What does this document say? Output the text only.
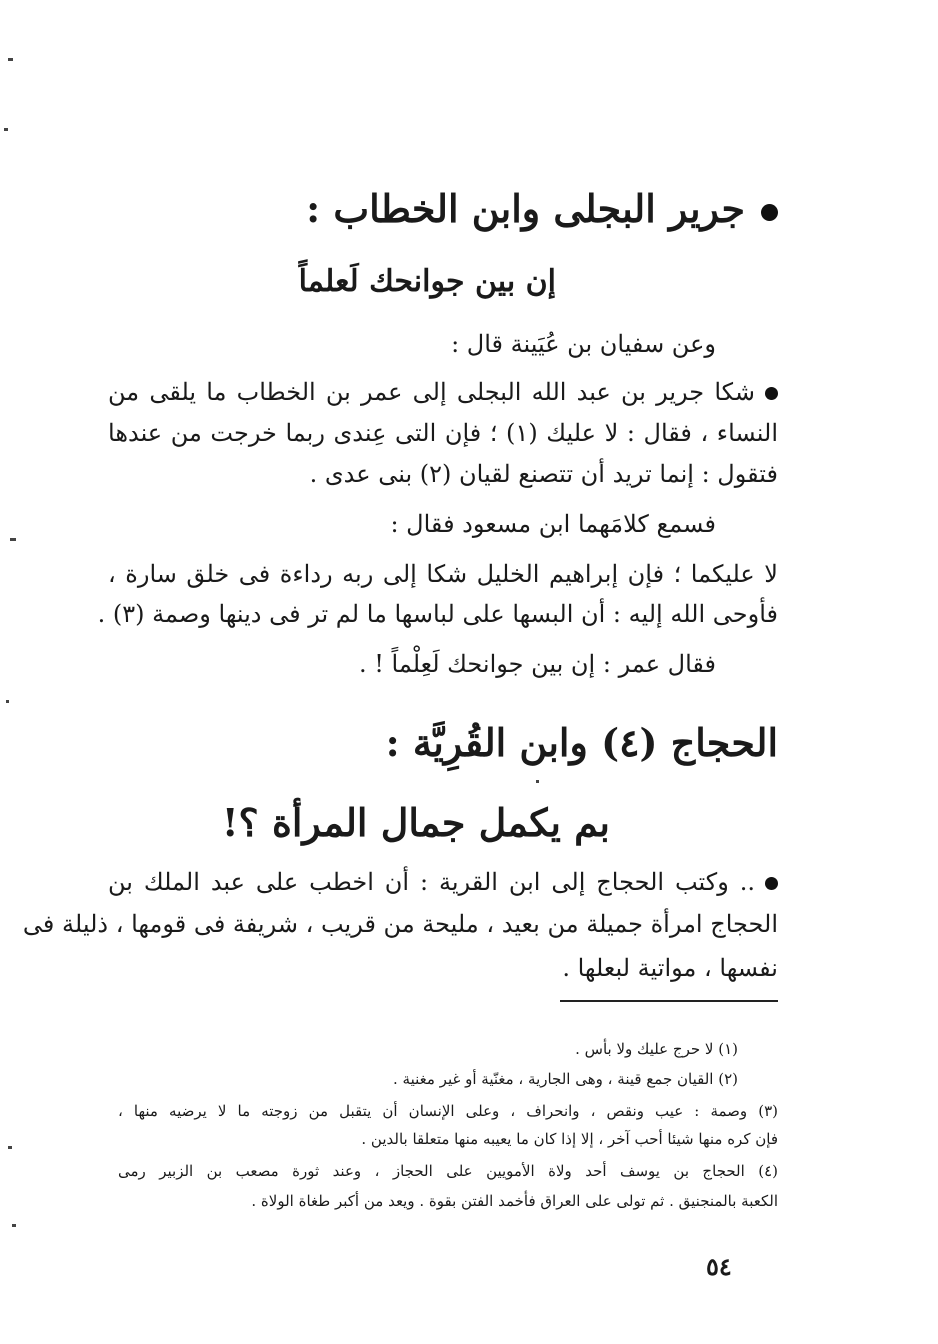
جرير البجلى وابن الخطاب :
إن بين جوانحك لَعلماً
وعن سفيان بن عُيَينة قال :
شكا جرير بن عبد الله البجلى إلى عمر بن الخطاب ما يلقى من
النساء ، فقال : لا عليك (١) ؛ فإن التى عِندى ربما خرجت من عندها
فتقول : إنما تريد أن تتصنع لقيان (٢) بنى عدى .
فسمع كلامَهما ابن مسعود فقال :
لا عليكما ؛ فإن إبراهيم الخليل شكا إلى ربه رداءة فى خلق سارة ،
فأوحى الله إليه : أن البسها على لباسها ما لم تر فى دينها وصمة (٣) .
فقال عمر : إن بين جوانحك لَعِلْماً ! .
الحجاج (٤) وابن القُرِيَّة :
بم يكمل جمال المرأة ؟!
.. وكتب الحجاج إلى ابن القرية : أن اخطب على عبد الملك بن
الحجاج امرأة جميلة من بعيد ، مليحة من قريب ، شريفة فى قومها ، ذليلة فى
نفسها ، مواتية لبعلها .
(١) لا حرج عليك ولا بأس .
(٢) القيان جمع قينة ، وهى الجارية ، مغنّية أو غير مغنية .
(٣) وصمة : عيب ونقص ، وانحراف ، وعلى الإنسان أن يتقبل من زوجته ما لا يرضيه منها ،
فإن كره منها شيئا أحب آخر ، إلا إذا كان ما يعيبه منها متعلقا بالدين .
(٤) الحجاج بن يوسف أحد ولاة الأمويين على الحجاز ، وعند ثورة مصعب بن الزبير رمى
الكعبة بالمنجنيق . ثم تولى على العراق فأخمد الفتن بقوة . ويعد من أكبر طغاة الولاة .
٥٤
